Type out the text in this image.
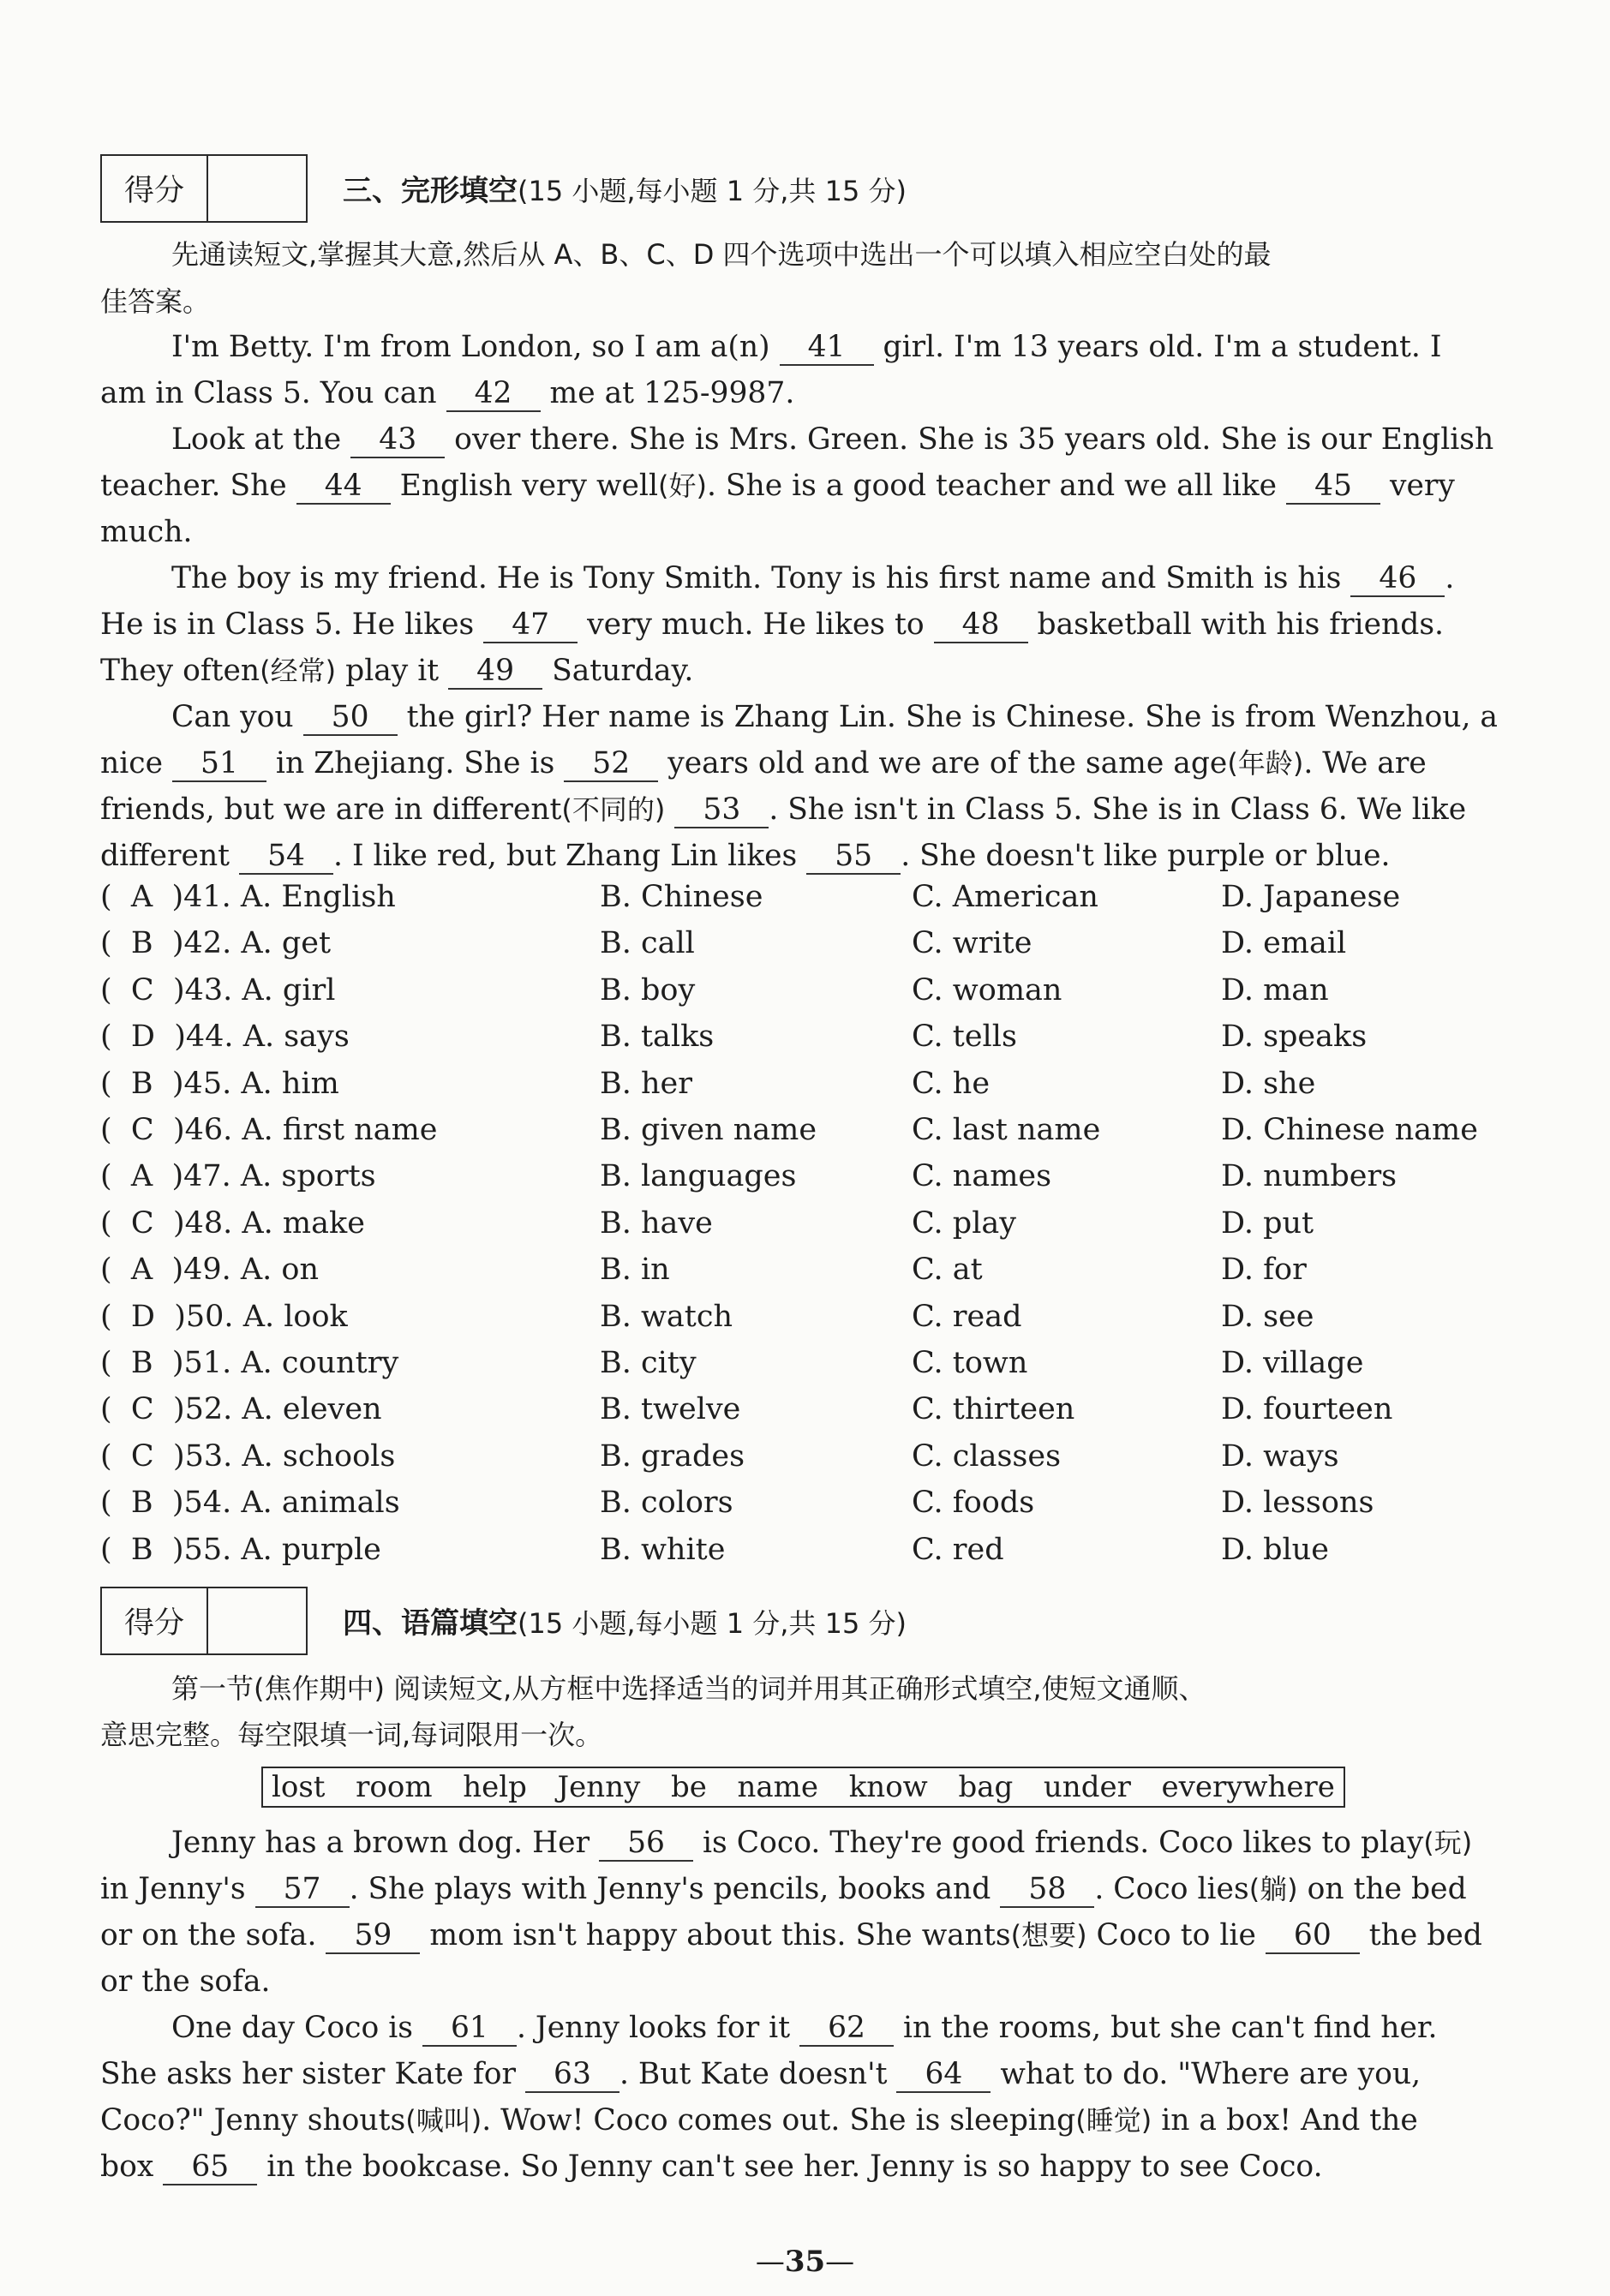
得分	三、完形填空(15 小题,每小题 1 分,共 15 分)
先通读短文,掌握其大意,然后从 A、B、C、D 四个选项中选出一个可以填入相应空白处的最
佳答案。
I'm Betty. I'm from London, so I am a(n) 41 girl. I'm 13 years old. I'm a student. I
am in Class 5. You can 42 me at 125-9987.
Look at the 43 over there. She is Mrs. Green. She is 35 years old. She is our English
teacher. She 44 English very well(好). She is a good teacher and we all like 45 very
much.
The boy is my friend. He is Tony Smith. Tony is his first name and Smith is his 46 .
He is in Class 5. He likes 47 very much. He likes to 48 basketball with his friends.
They often(经常) play it 49 Saturday.
Can you 50 the girl? Her name is Zhang Lin. She is Chinese. She is from Wenzhou, a
nice 51 in Zhejiang. She is 52 years old and we are of the same age(年龄). We are
friends, but we are in different(不同的) 53 . She isn't in Class 5. She is in Class 6. We like
different 54 . I like red, but Zhang Lin likes 55 . She doesn't like purple or blue.
(  A  )41. A. English	B. Chinese	C. American	D. Japanese
(  B  )42. A. get	B. call	C. write	D. email
(  C  )43. A. girl	B. boy	C. woman	D. man
(  D  )44. A. says	B. talks	C. tells	D. speaks
(  B  )45. A. him	B. her	C. he	D. she
(  C  )46. A. first name	B. given name	C. last name	D. Chinese name
(  A  )47. A. sports	B. languages	C. names	D. numbers
(  C  )48. A. make	B. have	C. play	D. put
(  A  )49. A. on	B. in	C. at	D. for
(  D  )50. A. look	B. watch	C. read	D. see
(  B  )51. A. country	B. city	C. town	D. village
(  C  )52. A. eleven	B. twelve	C. thirteen	D. fourteen
(  C  )53. A. schools	B. grades	C. classes	D. ways
(  B  )54. A. animals	B. colors	C. foods	D. lessons
(  B  )55. A. purple	B. white	C. red	D. blue
得分	四、语篇填空(15 小题,每小题 1 分,共 15 分)
第一节(焦作期中) 阅读短文,从方框中选择适当的词并用其正确形式填空,使短文通顺、
意思完整。每空限填一词,每词限用一次。
lost room help Jenny be name know bag under everywhere
Jenny has a brown dog. Her 56 is Coco. They're good friends. Coco likes to play(玩)
in Jenny's 57 . She plays with Jenny's pencils, books and 58 . Coco lies(躺) on the bed
or on the sofa. 59 mom isn't happy about this. She wants(想要) Coco to lie 60 the bed
or the sofa.
One day Coco is 61 . Jenny looks for it 62 in the rooms, but she can't find her.
She asks her sister Kate for 63 . But Kate doesn't 64 what to do. "Where are you,
Coco?" Jenny shouts(喊叫). Wow! Coco comes out. She is sleeping(睡觉) in a box! And the
box 65 in the bookcase. So Jenny can't see her. Jenny is so happy to see Coco.
—35—
